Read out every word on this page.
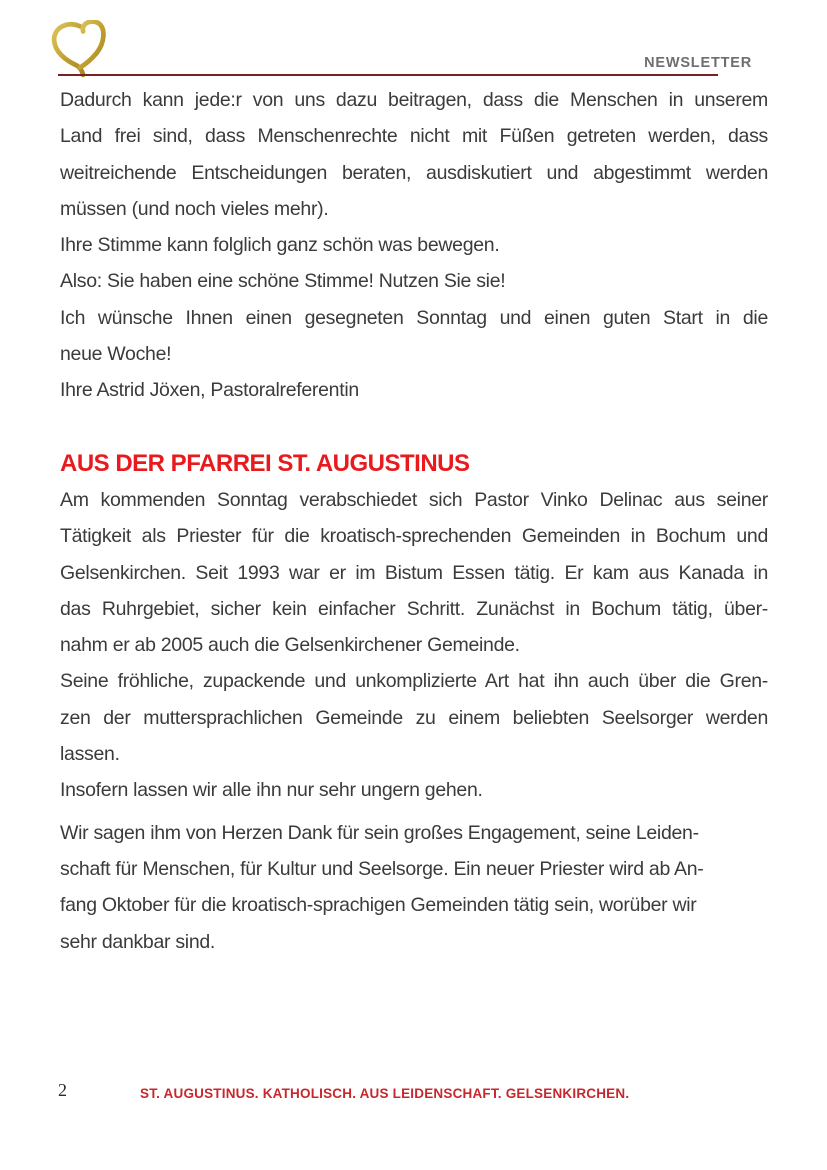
NEWSLETTER
Dadurch kann jede:r von uns dazu beitragen, dass die Menschen in unserem
Land frei sind, dass Menschenrechte nicht mit Füßen getreten werden, dass
weitreichende Entscheidungen beraten, ausdiskutiert und abgestimmt werden
müssen (und noch vieles mehr).
Ihre Stimme kann folglich ganz schön was bewegen.
Also: Sie haben eine schöne Stimme! Nutzen Sie sie!
Ich wünsche Ihnen einen gesegneten Sonntag und einen guten Start in die
neue Woche!
Ihre Astrid Jöxen, Pastoralreferentin
AUS DER PFARREI ST. AUGUSTINUS
Am kommenden Sonntag verabschiedet sich Pastor Vinko Delinac aus seiner
Tätigkeit als Priester für die kroatisch-sprechenden Gemeinden in Bochum und
Gelsenkirchen. Seit 1993 war er im Bistum Essen tätig. Er kam aus Kanada in
das Ruhrgebiet, sicher kein einfacher Schritt. Zunächst in Bochum tätig, über-
nahm er ab 2005 auch die Gelsenkirchener Gemeinde.
Seine fröhliche, zupackende und unkomplizierte Art hat ihn auch über die Gren-
zen der muttersprachlichen Gemeinde zu einem beliebten Seelsorger werden
lassen.
Insofern lassen wir alle ihn nur sehr ungern gehen.
Wir sagen ihm von Herzen Dank für sein großes Engagement, seine Leiden-
schaft für Menschen, für Kultur und Seelsorge. Ein neuer Priester wird ab An-
fang Oktober für die kroatisch-sprachigen Gemeinden tätig sein, worüber wir
sehr dankbar sind.
2	ST. AUGUSTINUS. KATHOLISCH. AUS LEIDENSCHAFT. GELSENKIRCHEN.
